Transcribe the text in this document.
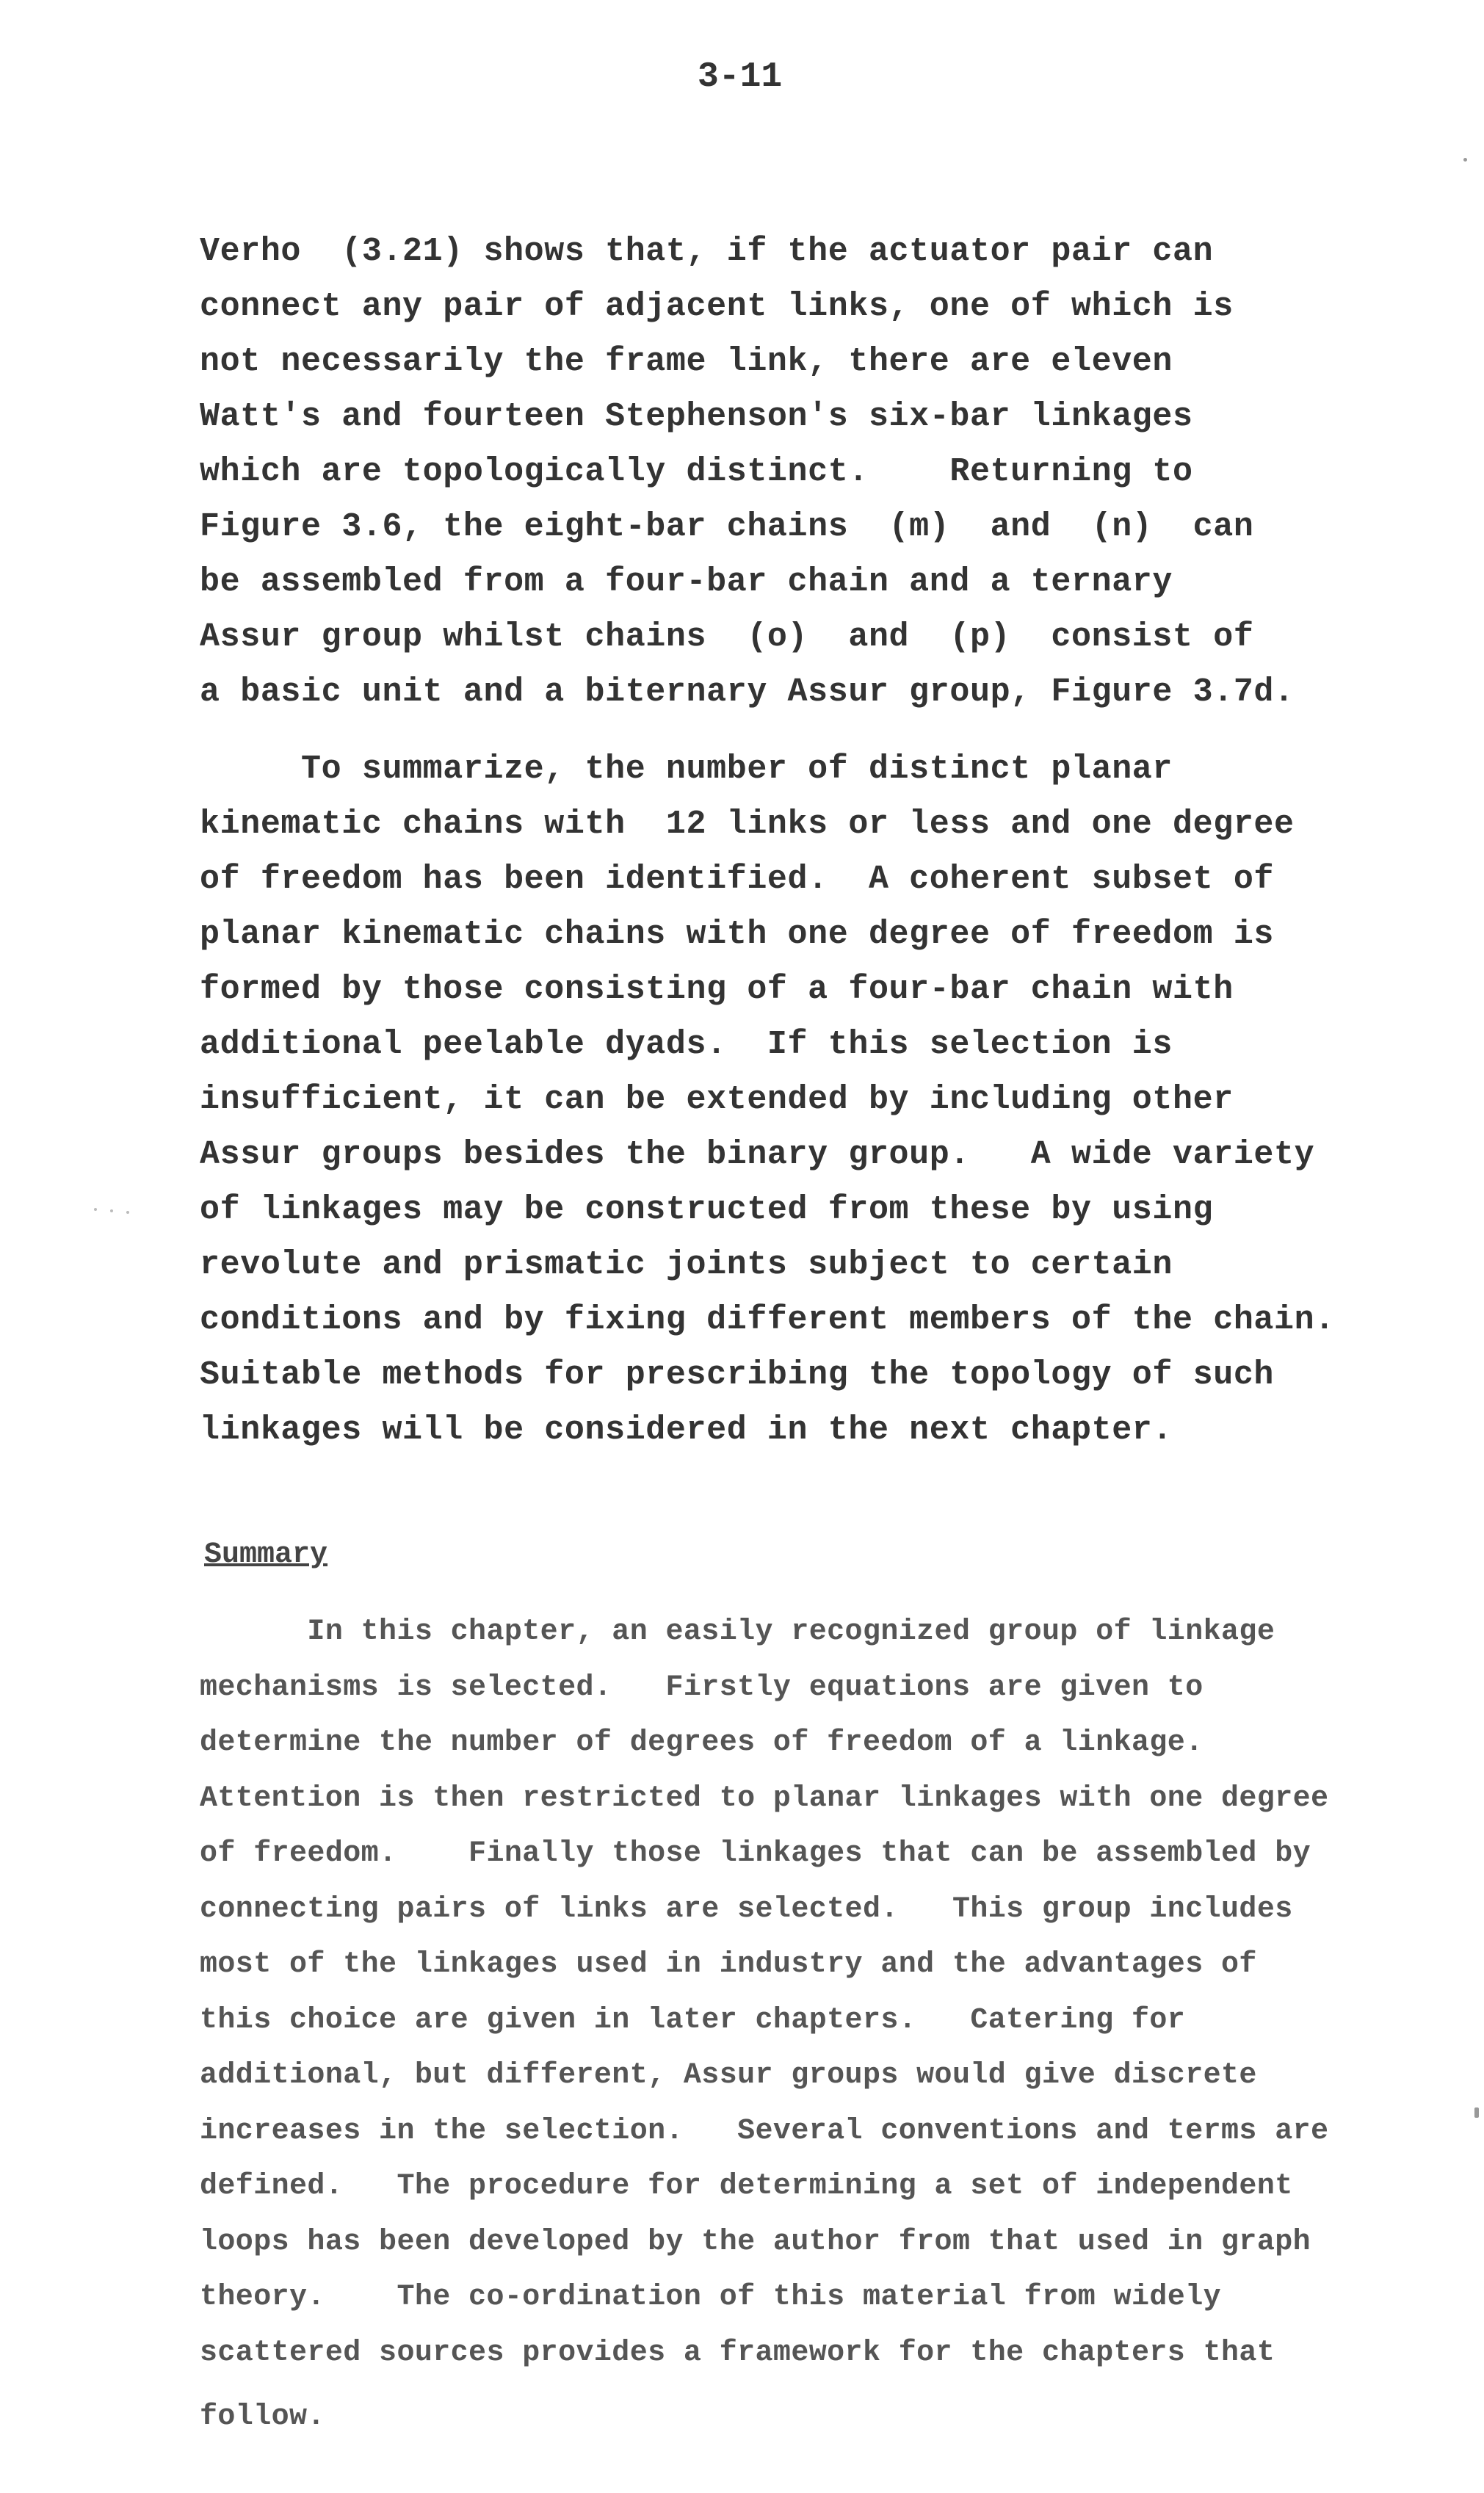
3-11
Verho  (3.21) shows that, if the actuator pair can
connect any pair of adjacent links, one of which is
not necessarily the frame link, there are eleven
Watt's and fourteen Stephenson's six-bar linkages
which are topologically distinct.    Returning to
Figure 3.6, the eight-bar chains  (m)  and  (n)  can
be assembled from a four-bar chain and a ternary
Assur group whilst chains  (o)  and  (p)  consist of
a basic unit and a biternary Assur group, Figure 3.7d.
To summarize, the number of distinct planar
kinematic chains with  12 links or less and one degree
of freedom has been identified.  A coherent subset of
planar kinematic chains with one degree of freedom is
formed by those consisting of a four-bar chain with
additional peelable dyads.  If this selection is
insufficient, it can be extended by including other
Assur groups besides the binary group.   A wide variety
of linkages may be constructed from these by using
revolute and prismatic joints subject to certain
conditions and by fixing different members of the chain.
Suitable methods for prescribing the topology of such
linkages will be considered in the next chapter.
Summary
In this chapter, an easily recognized group of linkage
mechanisms is selected.   Firstly equations are given to
determine the number of degrees of freedom of a linkage.
Attention is then restricted to planar linkages with one degree
of freedom.    Finally those linkages that can be assembled by
connecting pairs of links are selected.   This group includes
most of the linkages used in industry and the advantages of
this choice are given in later chapters.   Catering for
additional, but different, Assur groups would give discrete
increases in the selection.   Several conventions and terms are
defined.   The procedure for determining a set of independent
loops has been developed by the author from that used in graph
theory.    The co-ordination of this material from widely
scattered sources provides a framework for the chapters that
follow.
